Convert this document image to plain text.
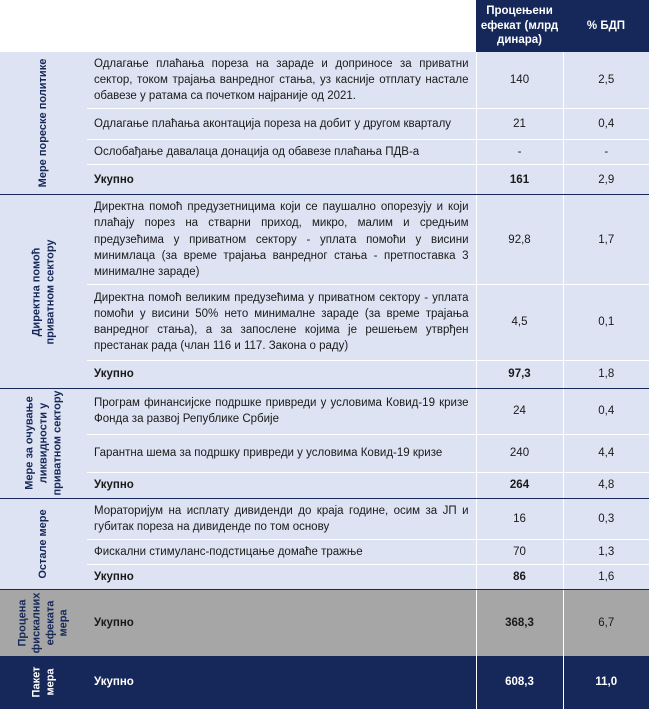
		Процењени ефекат (млрд динара)	% БДП

Мере пореске политике	Одлагање плаћања пореза на зараде и доприносе за приватни сектор, током трајања ванредног стања, уз касније отплату настале обавезе у ратама са почетком најраније од 2021.	140	2,5
	Одлагање плаћања аконтација пореза на добит у другом кварталу	21	0,4
	Ослобађање давалаца донација од обавезе плаћања ПДВ-а	-	-
	Укупно	161	2,9

Директна помоћ приватном сектору	Директна помоћ предузетницима који се паушално опорезују и који плаћају порез на стварни приход, микро, малим и средњим предузећима у приватном сектору - уплата помоћи у висини минимлаца (за време трајања ванредног стања - претпоставка 3 минималне зараде)	92,8	1,7
	Директна помоћ великим предузећима у приватном сектору - уплата помоћи у висини 50% нето минималне зараде (за време трајања ванредног стања), а за запослене којима је решењем утврђен престанак рада (члан 116 и 117. Закона о раду)	4,5	0,1
	Укупно	97,3	1,8

Мере за очување ликвидности у приватном сектору	Програм финансијске подршке привреди у условима Ковид-19 кризе Фонда за развој Републике Србије	24	0,4
	Гарантна шема за подршку привреди у условима Ковид-19 кризе	240	4,4
	Укупно	264	4,8

Остале мере	Мораторијум на исплату дивиденди до краја године, осим за ЈП и губитак пореза на дивиденде по том основу	16	0,3
	Фискални стимуланс-подстицање домаће тражње	70	1,3
	Укупно	86	1,6

Процена фискалних ефеката мера	Укупно	368,3	6,7

Пакет мера	Укупно	608,3	11,0
